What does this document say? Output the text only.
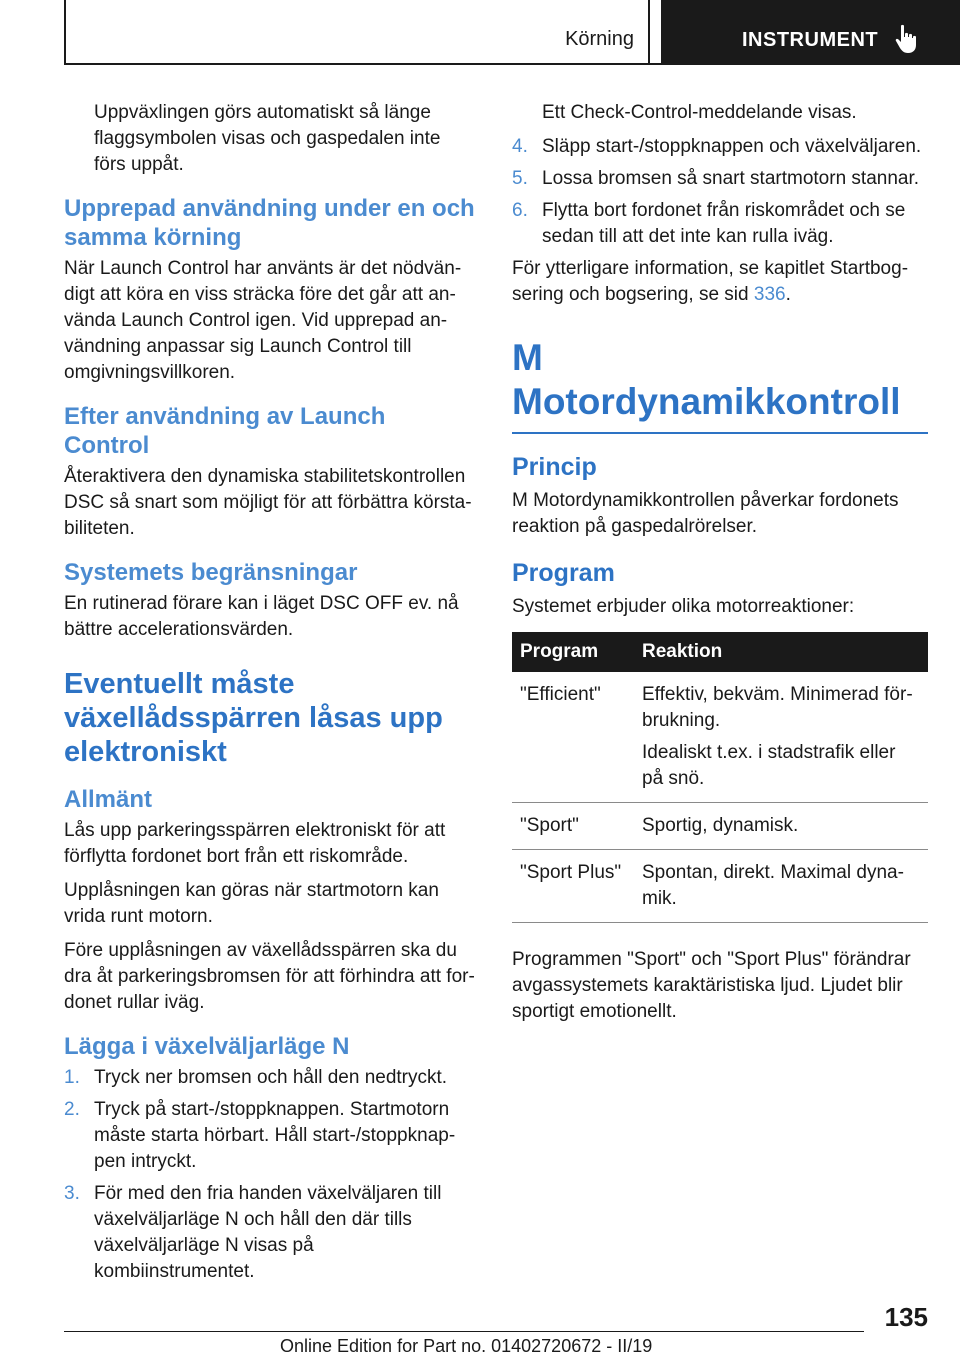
Körning	INSTRUMENT

Uppväxlingen görs automatiskt så länge flaggsymbolen visas och gaspedalen inte förs uppåt.

Upprepad användning under en och samma körning

När Launch Control har använts är det nödvändigt att köra en viss sträcka före det går att använda Launch Control igen. Vid upprepad användning anpassar sig Launch Control till omgivningsvillkoren.

Efter användning av Launch Control

Återaktivera den dynamiska stabilitetskontrollen DSC så snart som möjligt för att förbättra körstabiliteten.

Systemets begränsningar

En rutinerad förare kan i läget DSC OFF ev. nå bättre accelerationsvärden.

Eventuellt måste växellådsspärren låsas upp elektroniskt
Allmänt

Lås upp parkeringsspärren elektroniskt för att förflytta fordonet bort från ett riskområde.

Upplåsningen kan göras när startmotorn kan vrida runt motorn.

Före upplåsningen av växellådsspärren ska du dra åt parkeringsbromsen för att förhindra att fordonet rullar iväg.

Lägga i växelväljarläge N
1. Tryck ner bromsen och håll den nedtryckt.
2. Tryck på start-/stoppknappen. Startmotorn måste starta hörbart. Håll start-/stoppknappen intryckt.
3. För med den fria handen växelväljaren till växelväljarläge N och håll den där tills växelväljarläge N visas på kombiinstrumentet.

Ett Check-Control-meddelande visas.

4. Släpp start-/stoppknappen och växelväljaren.
5. Lossa bromsen så snart startmotorn stannar.
6. Flytta bort fordonet från riskområdet och se sedan till att det inte kan rulla iväg.

För ytterligare information, se kapitlet Startbogsering och bogsering, se sid 336.

M Motordynamikkontroll
Princip

M Motordynamikkontrollen påverkar fordonets reaktion på gaspedalrörelser.

Program

Systemet erbjuder olika motorreaktioner:

Program	Reaktion
"Efficient"	Effektiv, bekväm. Minimerad förbrukning.
Idealiskt t.ex. i stadstrafik eller på snö.

"Sport"	Sportig, dynamisk.
"Sport Plus"	Spontan, direkt. Maximal dynamik.

Programmen "Sport" och "Sport Plus" förändrar avgassystemets karaktäristiska ljud. Ljudet blir sportigt emotionellt.

135
Online Edition for Part no. 01402720672 - II/19
